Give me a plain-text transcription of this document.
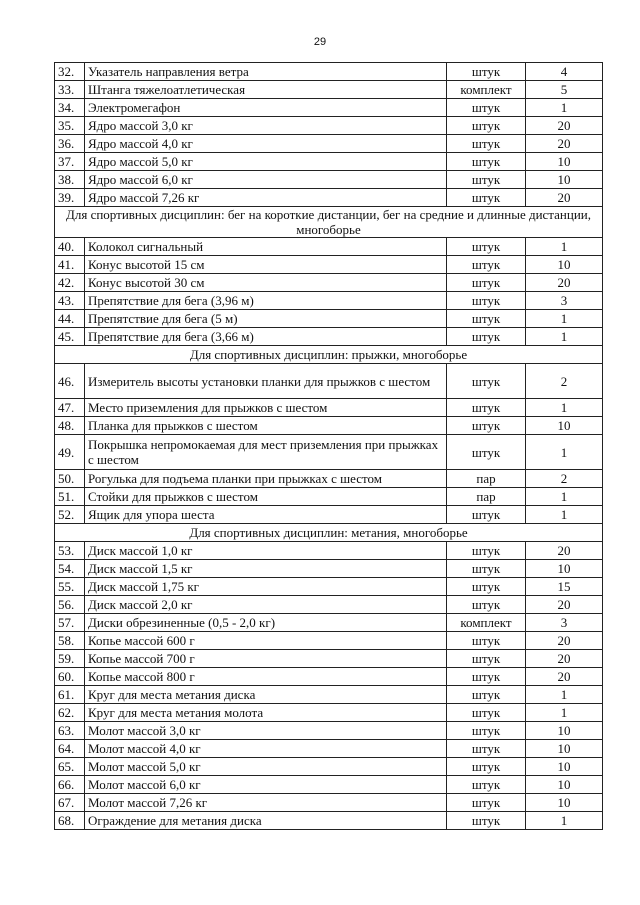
29
32.	Указатель направления ветра	штук	4
33.	Штанга тяжелоатлетическая	комплект	5
34.	Электромегафон	штук	1
35.	Ядро массой 3,0 кг	штук	20
36.	Ядро массой 4,0 кг	штук	20
37.	Ядро массой 5,0 кг	штук	10
38.	Ядро массой 6,0 кг	штук	10
39.	Ядро массой 7,26 кг	штук	20
Для спортивных дисциплин: бег на короткие дистанции, бег на средние и длинные дистанции, многоборье			
40.	Колокол сигнальный	штук	1
41.	Конус высотой 15 см	штук	10
42.	Конус высотой 30 см	штук	20
43.	Препятствие для бега (3,96 м)	штук	3
44.	Препятствие для бега (5 м)	штук	1
45.	Препятствие для бега (3,66 м)	штук	1
Для спортивных дисциплин: прыжки, многоборье			
46.	Измеритель высоты установки планки для прыжков с шестом	штук	2
47.	Место приземления для прыжков с шестом	штук	1
48.	Планка для прыжков с шестом	штук	10
49.	Покрышка непромокаемая для мест приземления при прыжках с шестом	штук	1
50.	Рогулька для подъема планки при прыжках с шестом	пар	2
51.	Стойки для прыжков с шестом	пар	1
52.	Ящик для упора шеста	штук	1
Для спортивных дисциплин: метания, многоборье			
53.	Диск массой 1,0 кг	штук	20
54.	Диск массой 1,5 кг	штук	10
55.	Диск массой 1,75 кг	штук	15
56.	Диск массой 2,0 кг	штук	20
57.	Диски обрезиненные (0,5 - 2,0 кг)	комплект	3
58.	Копье массой 600 г	штук	20
59.	Копье массой 700 г	штук	20
60.	Копье массой 800 г	штук	20
61.	Круг для места метания диска	штук	1
62.	Круг для места метания молота	штук	1
63.	Молот массой 3,0 кг	штук	10
64.	Молот массой 4,0 кг	штук	10
65.	Молот массой 5,0 кг	штук	10
66.	Молот массой 6,0 кг	штук	10
67.	Молот массой 7,26 кг	штук	10
68.	Ограждение для метания диска	штук	1
